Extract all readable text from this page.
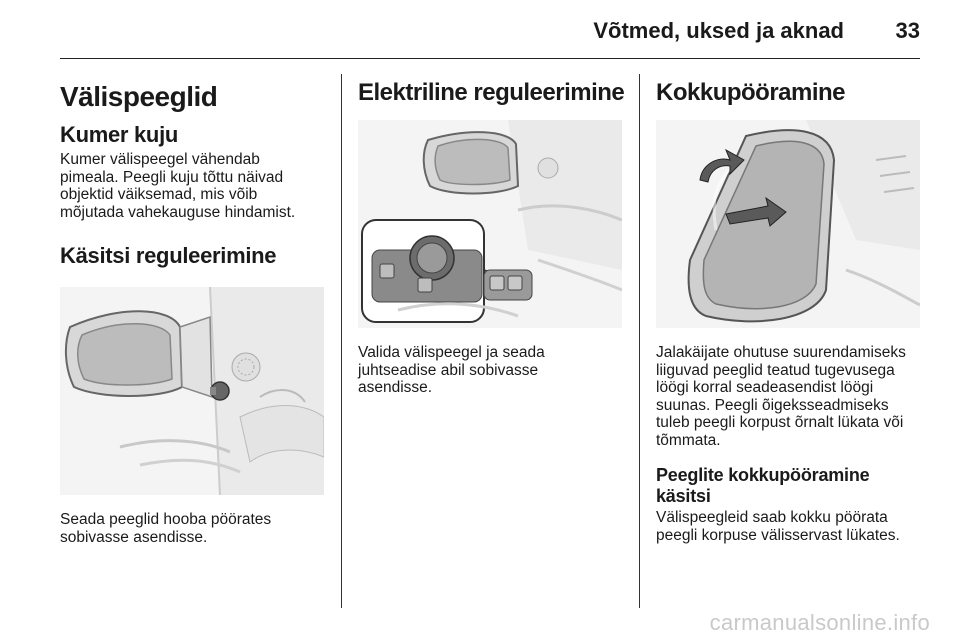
Võtmed, uksed ja aknad 33
Välispeeglid
Kumer kuju

Kumer välispeegel vähendab
pimeala. Peegli kuju tõttu näivad
objektid väiksemad, mis võib
mõjutada vahekauguse hindamist.

Käsitsi reguleerimine

Seada peeglid hooba pöörates
sobivasse asendisse.

Elektriline reguleerimine

Valida välispeegel ja seada
juhtseadise abil sobivasse
asendisse.

Kokkupööramine

Jalakäijate ohutuse suurendamiseks
liiguvad peeglid teatud tugevusega
löögi korral seadeasendist löögi
suunas. Peegli õigeksseadmiseks
tuleb peegli korpust õrnalt lükata või
tõmmata.

Peeglite kokkupööramine
käsitsi

Välispeegleid saab kokku pöörata
peegli korpuse välisservast lükates.

carmanualsonline.info
